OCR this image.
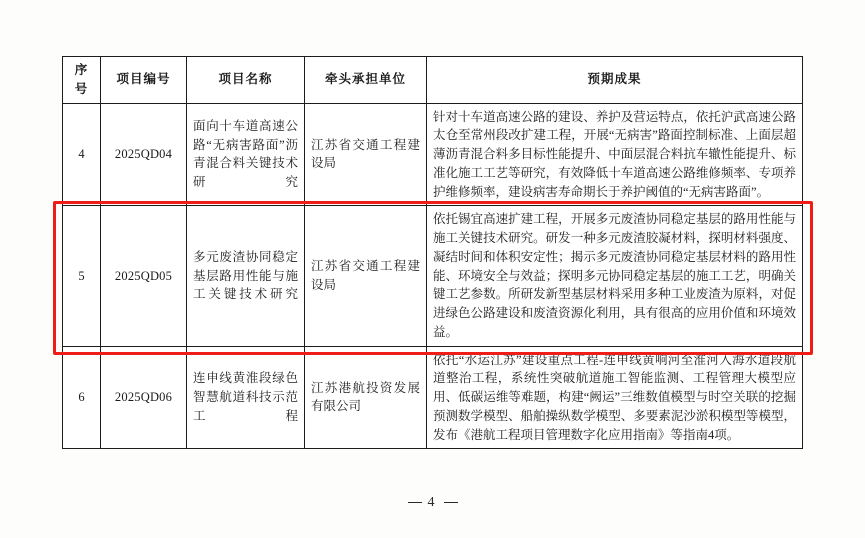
序号	项目编号	项目名称	牵头承担单位	预期成果
4	2025QD04	面向十车道高速公路“无病害路面”沥青混合料关键技术研究	江苏省交通工程建设局	针对十车道高速公路的建设、养护及营运特点，依托沪武高速公路太仓至常州段改扩建工程，开展“无病害”路面控制标准、上面层超薄沥青混合料多目标性能提升、中面层混合料抗车辙性能提升、标准化施工工艺等研究，有效降低十车道高速公路维修频率、专项养护维修频率，建设病害寿命期长于养护阈值的“无病害路面”。
5	2025QD05	多元废渣协同稳定基层路用性能与施工关键技术研究	江苏省交通工程建设局	依托锡宜高速扩建工程，开展多元废渣协同稳定基层的路用性能与施工关键技术研究。研发一种多元废渣胶凝材料，探明材料强度、凝结时间和体积安定性；揭示多元废渣协同稳定基层材料的路用性能、环境安全与效益；探明多元协同稳定基层的施工工艺，明确关键工艺参数。所研发新型基层材料采用多种工业废渣为原料，对促进绿色公路建设和废渣资源化利用，具有很高的应用价值和环境效益。
6	2025QD06	连申线黄淮段绿色智慧航道科技示范工程	江苏港航投资发展有限公司	依托“水运江苏”建设重点工程-连申线黄响河至淮河入海水道段航道整治工程，系统性突破航道施工智能监测、工程管理大模型应用、低碳运维等难题，构建“阙运”三维数值模型与时空关联的挖掘预测数学模型、船舶操纵数学模型、多要素泥沙淤积模型等模型，发布《港航工程项目管理数字化应用指南》等指南4项。
4
